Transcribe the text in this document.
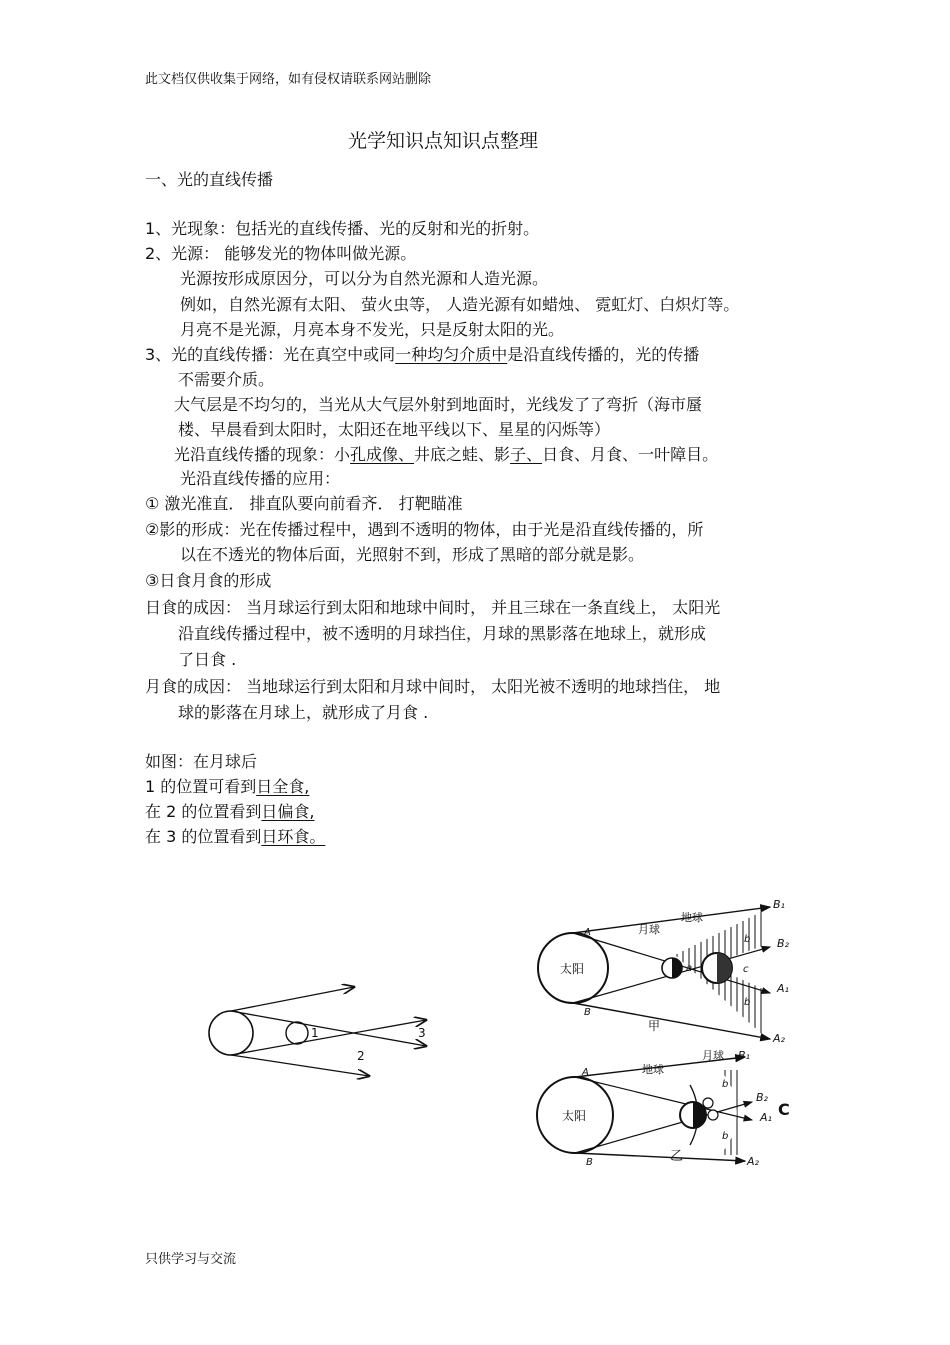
此文档仅供收集于网络，如有侵权请联系网站删除
光学知识点知识点整理
一、光的直线传播
1、光现象：包括光的直线传播、光的反射和光的折射。
2、光源： 能够发光的物体叫做光源。
光源按形成原因分，可以分为自然光源和人造光源。
例如，自然光源有太阳、 萤火虫等， 人造光源有如蜡烛、 霓虹灯、白炽灯等。
月亮不是光源，月亮本身不发光，只是反射太阳的光。
3、光的直线传播：光在真空中或同一种均匀介质中是沿直线传播的，光的传播
不需要介质。
大气层是不均匀的，当光从大气层外射到地面时，光线发了了弯折（海市蜃
楼、早晨看到太阳时，太阳还在地平线以下、星星的闪烁等）
光沿直线传播的现象：小孔成像、井底之蛙、影子、日食、月食、一叶障目。
光沿直线传播的应用：
① 激光准直． 排直队要向前看齐． 打靶瞄准
②影的形成：光在传播过程中，遇到不透明的物体，由于光是沿直线传播的，所
以在不透光的物体后面，光照射不到，形成了黑暗的部分就是影。
③日食月食的形成
日食的成因： 当月球运行到太阳和地球中间时， 并且三球在一条直线上， 太阳光
沿直线传播过程中，被不透明的月球挡住，月球的黑影落在地球上，就形成
了日食 .
月食的成因： 当地球运行到太阳和月球中间时， 太阳光被不透明的地球挡住， 地
球的影落在月球上，就形成了月食 .
如图：在月球后
1 的位置可看到日全食,
在 2 的位置看到日偏食,
在 3 的位置看到日环食。
1
2
3
太阳
月球
地球
A
B
B₁
B₂
A₁
A₂
a
b
b
c
甲
太阳
地球
月球
A
B
B₁
B₂
A₁
A₂
b
b
C
乙
只供学习与交流
